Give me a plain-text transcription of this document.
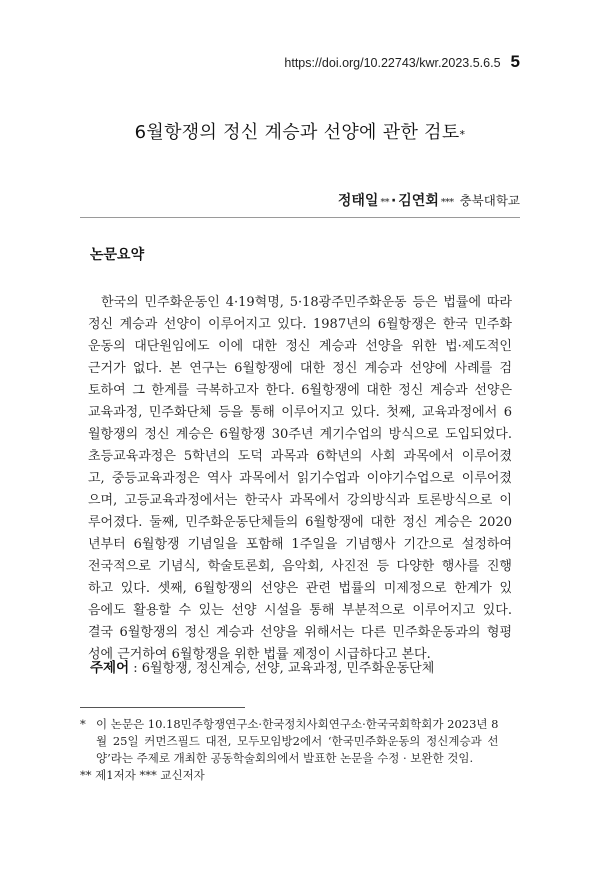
https://doi.org/10.22743/kwr.2023.5.6.5 5
6월항쟁의 정신 계승과 선양에 관한 검토*
정태일 ** · 김연회 *** 충북대학교
논문요약
한국의 민주화운동인 4·19혁명, 5·18광주민주화운동 등은 법률에 따라
정신 계승과 선양이 이루어지고 있다. 1987년의 6월항쟁은 한국 민주화
운동의 대단원임에도 이에 대한 정신 계승과 선양을 위한 법·제도적인
근거가 없다. 본 연구는 6월항쟁에 대한 정신 계승과 선양에 사례를 검
토하여 그 한계를 극복하고자 한다. 6월항쟁에 대한 정신 계승과 선양은
교육과정, 민주화단체 등을 통해 이루어지고 있다. 첫째, 교육과정에서 6
월항쟁의 정신 계승은 6월항쟁 30주년 계기수업의 방식으로 도입되었다.
초등교육과정은 5학년의 도덕 과목과 6학년의 사회 과목에서 이루어졌
고, 중등교육과정은 역사 과목에서 읽기수업과 이야기수업으로 이루어졌
으며, 고등교육과정에서는 한국사 과목에서 강의방식과 토론방식으로 이
루어졌다. 둘째, 민주화운동단체들의 6월항쟁에 대한 정신 계승은 2020
년부터 6월항쟁 기념일을 포함해 1주일을 기념행사 기간으로 설정하여
전국적으로 기념식, 학술토론회, 음악회, 사진전 등 다양한 행사를 진행
하고 있다. 셋째, 6월항쟁의 선양은 관련 법률의 미제정으로 한계가 있
음에도 활용할 수 있는 선양 시설을 통해 부분적으로 이루어지고 있다.
결국 6월항쟁의 정신 계승과 선양을 위해서는 다른 민주화운동과의 형평
성에 근거하여 6월항쟁을 위한 법률 제정이 시급하다고 본다.
주제어 : 6월항쟁, 정신계승, 선양, 교육과정, 민주화운동단체
* 이 논문은 10.18민주항쟁연구소·한국정치사회연구소·한국국회학회가 2023년 8
월 25일 커먼즈필드 대전, 모두모임방2에서 ‘한국민주화운동의 정신계승과 선
양’라는 주제로 개최한 공동학술회의에서 발표한 논문을 수정 · 보완한 것임.
** 제1저자 *** 교신저자
